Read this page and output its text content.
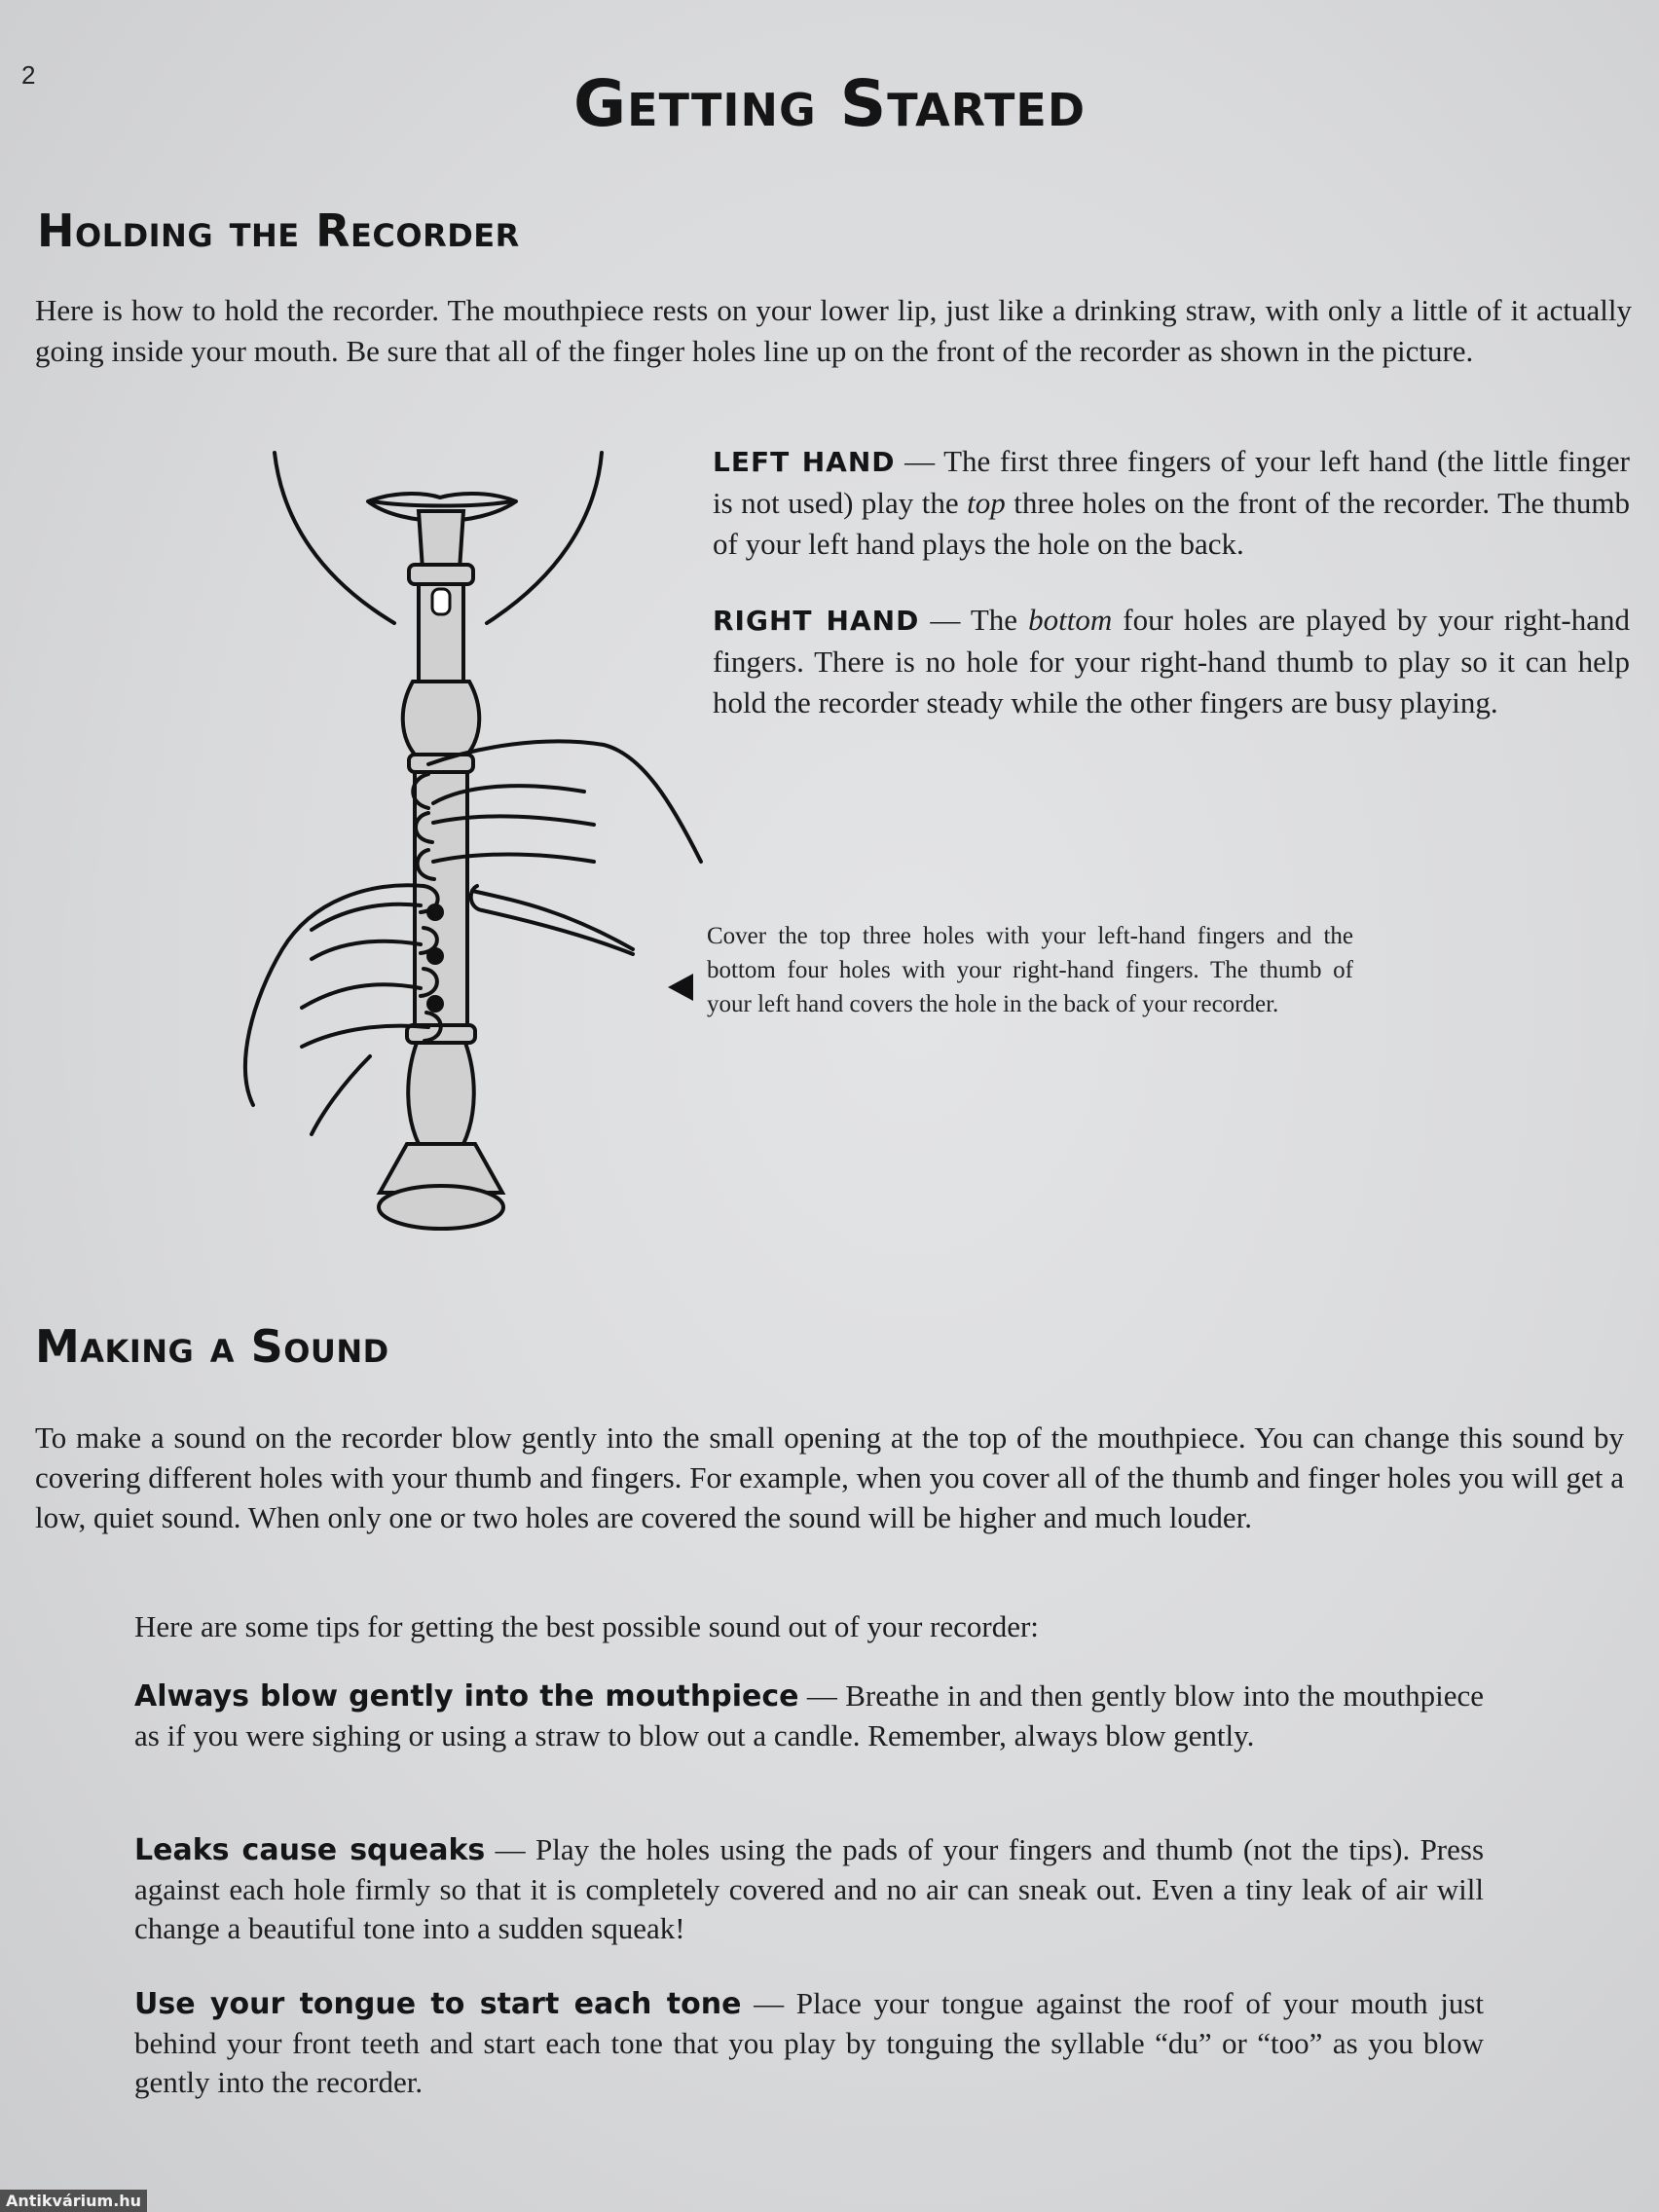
2	Getting Started
Holding the Recorder

Here is how to hold the recorder. The mouthpiece rests on your lower lip, just like a drinking straw, with only a little of it actually going inside your mouth. Be sure that all of the finger holes line up on the front of the recorder as shown in the picture.

LEFT HAND — The first three fingers of your left hand (the little finger is not used) play the top three holes on the front of the recorder. The thumb of your left hand plays the hole on the back.

RIGHT HAND — The bottom four holes are played by your right-hand fingers. There is no hole for your right-hand thumb to play so it can help hold the recorder steady while the other fingers are busy playing.

Cover the top three holes with your left-hand fingers and the bottom four holes with your right-hand fingers. The thumb of your left hand covers the hole in the back of your recorder.

Making a Sound

To make a sound on the recorder blow gently into the small opening at the top of the mouthpiece. You can change this sound by covering different holes with your thumb and fingers. For example, when you cover all of the thumb and finger holes you will get a low, quiet sound. When only one or two holes are covered the sound will be higher and much louder.

Here are some tips for getting the best possible sound out of your recorder:

Always blow gently into the mouthpiece — Breathe in and then gently blow into the mouthpiece as if you were sighing or using a straw to blow out a candle. Remember, always blow gently.

Leaks cause squeaks — Play the holes using the pads of your fingers and thumb (not the tips). Press against each hole firmly so that it is completely covered and no air can sneak out. Even a tiny leak of air will change a beautiful tone into a sudden squeak!

Use your tongue to start each tone — Place your tongue against the roof of your mouth just behind your front teeth and start each tone that you play by tonguing the syllable “du” or “too” as you blow gently into the recorder.

Antikvárium.hu
